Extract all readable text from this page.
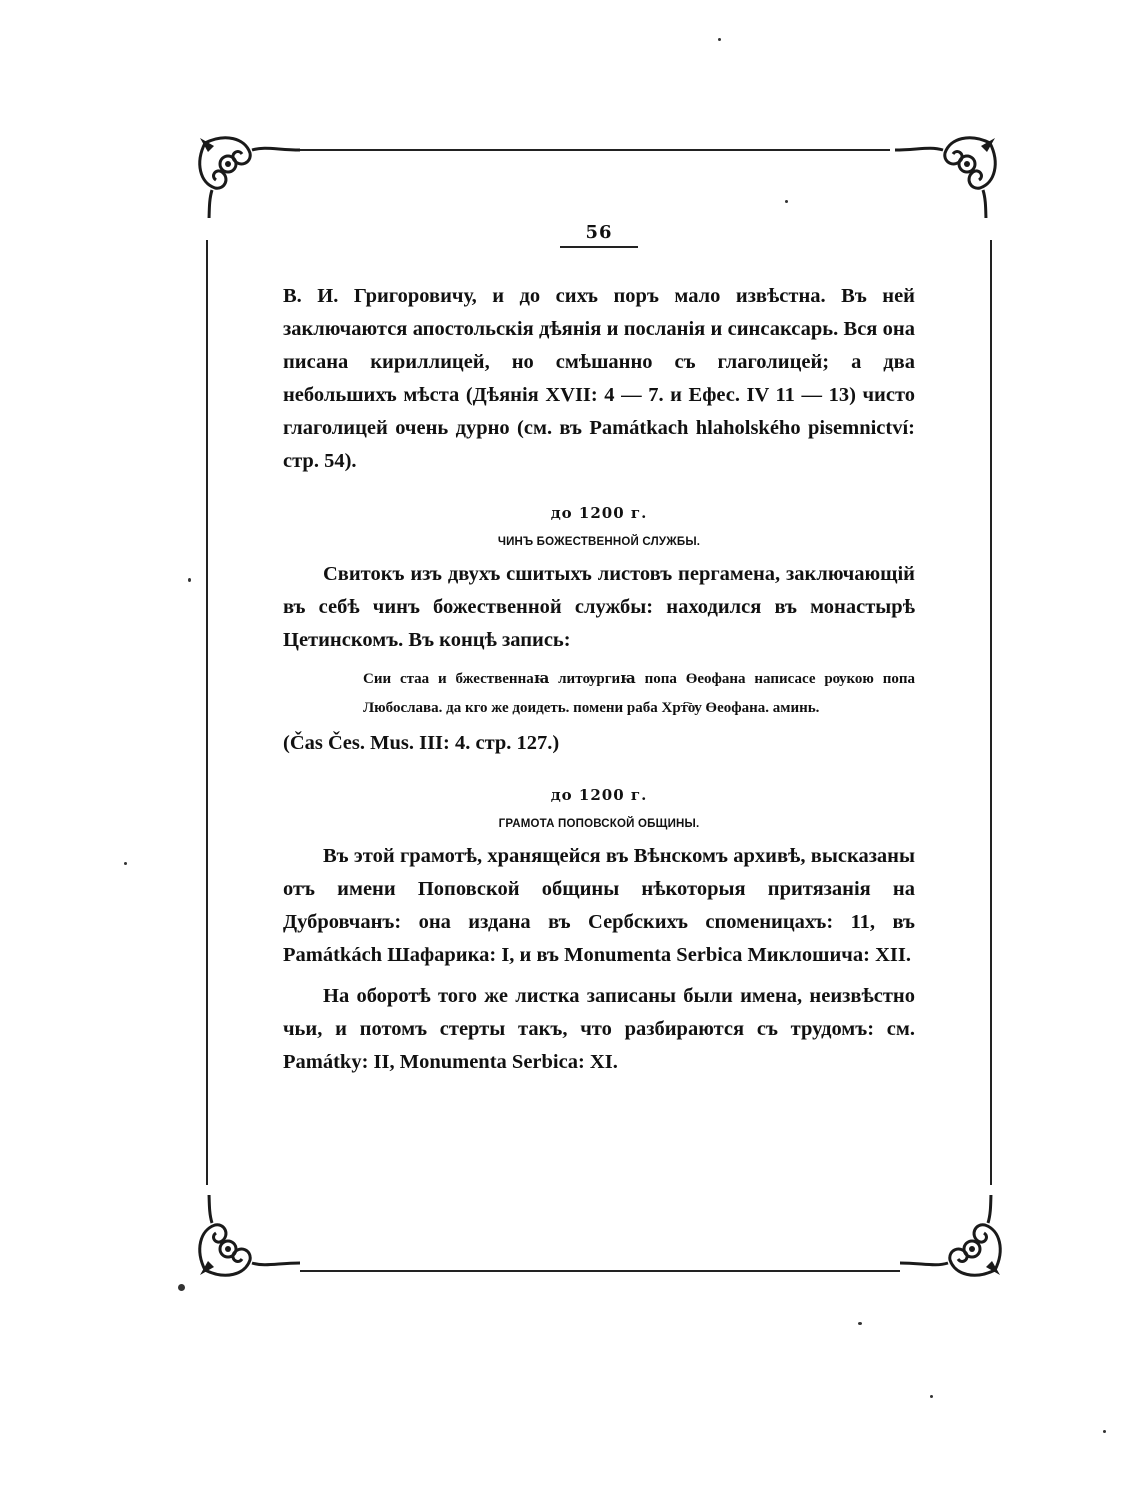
56

В. И. Григоровичу, и до сихъ поръ мало извѣстна. Въ ней заключаются апостольскія дѣянія и посланія и синсаксарь. Вся она писана кириллицей, но смѣшанно съ глаголицей; а два небольшихъ мѣста (Дѣянія XVII: 4 — 7. и Ефес. IV 11 — 13) чисто глаголицей очень дурно (см. въ Památkach hlaholského pisemnictví: стр. 54).

до 1200 г.

ЧИНЪ БОЖЕСТВЕННОЙ СЛУЖБЫ.

Свитокъ изъ двухъ сшитыхъ листовъ пергамена, заключающій въ себѣ чинъ божественной службы: находился въ монастырѣ Цетинскомъ. Въ концѣ запись:

Сии стаа и бжественнаꙗ литѹргиꙗ попа Өеофана написасе рѹкою попа Любослава. да кго же доидеть. помени раба Хрт҇ѹ Өеофана. аминь.

(Čas Čes. Mus. III: 4. стр. 127.)

до 1200 г.

ГРАМОТА ПОПОВСКОЙ ОБЩИНЫ.

Въ этой грамотѣ, хранящейся въ Вѣнскомъ архивѣ, высказаны отъ имени Поповской общины нѣкоторыя притязанія на Дубровчанъ: она издана въ Сербскихъ споменицахъ: 11, въ Památkách Шафарика: I, и въ Monumenta Serbica Миклошича: XII.

На оборотѣ того же листка записаны были имена, неизвѣстно чьи, и потомъ стерты такъ, что разбираются съ трудомъ: см. Památky: II, Monumenta Serbica: XI.
